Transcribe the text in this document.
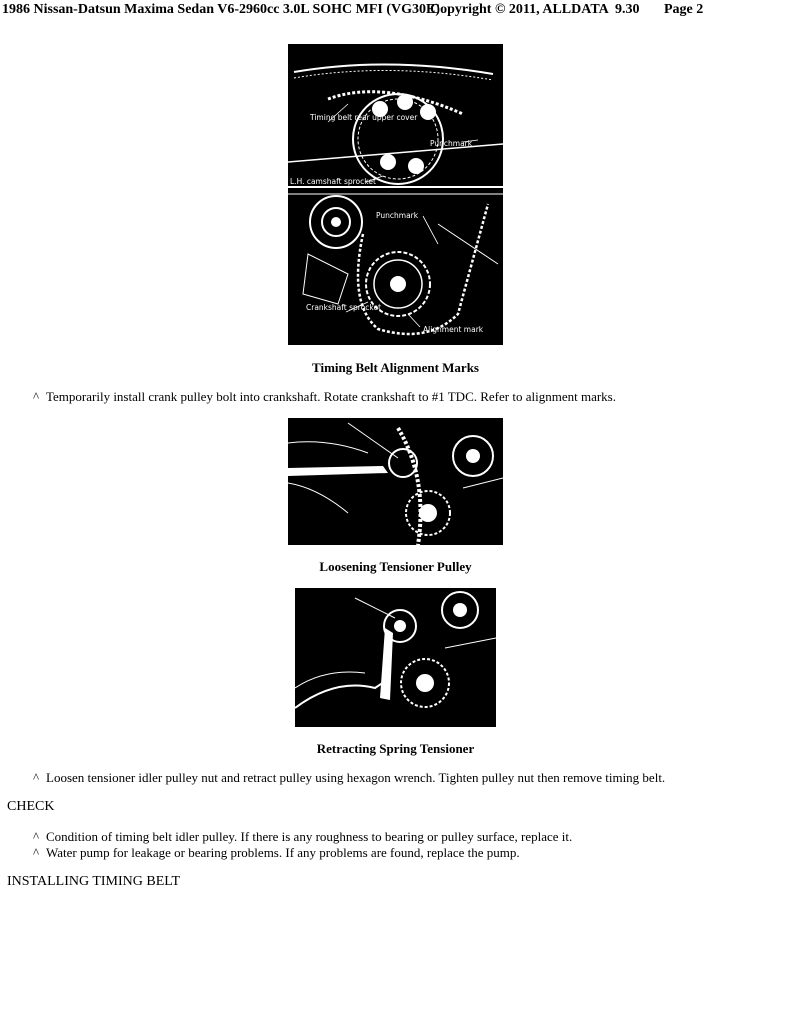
1986 Nissan-Datsun Maxima Sedan V6-2960cc 3.0L SOHC MFI (VG30E)
Copyright © 2011, ALLDATA 9.30 Page 2
Timing belt rear upper cover
Punchmark
L.H. camshaft sprocket
Punchmark
Crankshaft sprocket
Alignment mark
Timing Belt Alignment Marks
^ Temporarily install crank pulley bolt into crankshaft. Rotate crankshaft to #1 TDC. Refer to alignment marks.
Loosening Tensioner Pulley
Retracting Spring Tensioner
^ Loosen tensioner idler pulley nut and retract pulley using hexagon wrench. Tighten pulley nut then remove timing belt.
CHECK
^ Condition of timing belt idler pulley. If there is any roughness to bearing or pulley surface, replace it.
^ Water pump for leakage or bearing problems. If any problems are found, replace the pump.
INSTALLING TIMING BELT
